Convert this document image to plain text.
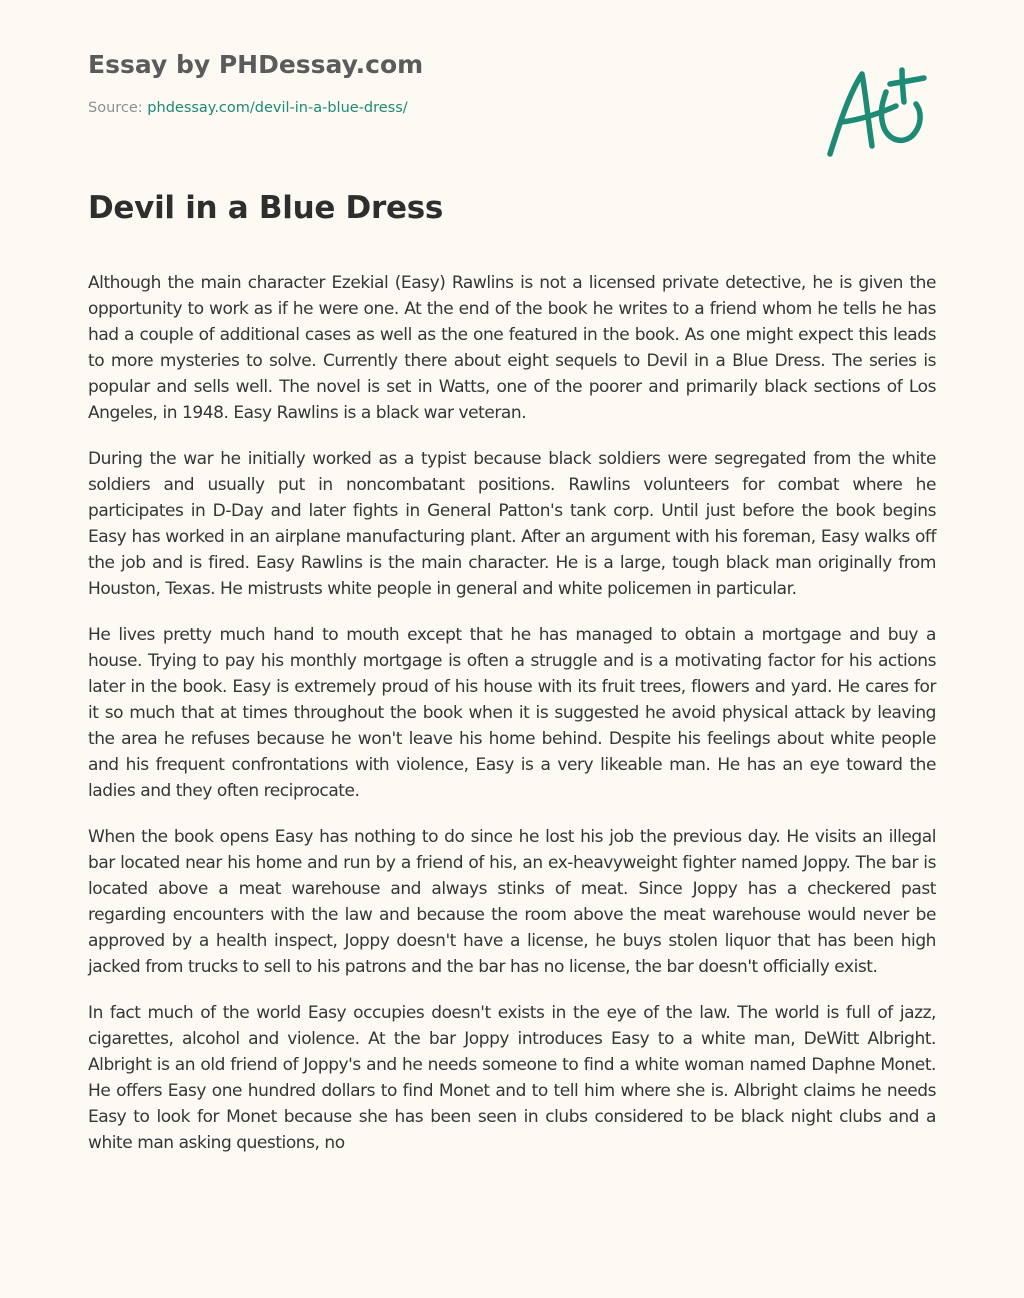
Essay by PHDessay.com

Source: phdessay.com/devil-in-a-blue-dress/

Devil in a Blue Dress

Although the main character Ezekial (Easy) Rawlins is not a licensed private detective, he is given the opportunity to work as if he were one. At the end of the book he writes to a friend whom he tells he has had a couple of additional cases as well as the one featured in the book. As one might expect this leads to more mysteries to solve. Currently there about eight sequels to Devil in a Blue Dress. The series is popular and sells well. The novel is set in Watts, one of the poorer and primarily black sections of Los Angeles, in 1948. Easy Rawlins is a black war veteran.

During the war he initially worked as a typist because black soldiers were segregated from the white soldiers and usually put in noncombatant positions. Rawlins volunteers for combat where he participates in D-Day and later fights in General Patton's tank corp. Until just before the book begins Easy has worked in an airplane manufacturing plant. After an argument with his foreman, Easy walks off the job and is fired. Easy Rawlins is the main character. He is a large, tough black man originally from Houston, Texas. He mistrusts white people in general and white policemen in particular.

He lives pretty much hand to mouth except that he has managed to obtain a mortgage and buy a house. Trying to pay his monthly mortgage is often a struggle and is a motivating factor for his actions later in the book. Easy is extremely proud of his house with its fruit trees, flowers and yard. He cares for it so much that at times throughout the book when it is suggested he avoid physical attack by leaving the area he refuses because he won't leave his home behind. Despite his feelings about white people and his frequent confrontations with violence, Easy is a very likeable man. He has an eye toward the ladies and they often reciprocate.

When the book opens Easy has nothing to do since he lost his job the previous day. He visits an illegal bar located near his home and run by a friend of his, an ex-heavyweight fighter named Joppy. The bar is located above a meat warehouse and always stinks of meat. Since Joppy has a checkered past regarding encounters with the law and because the room above the meat warehouse would never be approved by a health inspect, Joppy doesn't have a license, he buys stolen liquor that has been high jacked from trucks to sell to his patrons and the bar has no license, the bar doesn't officially exist.

In fact much of the world Easy occupies doesn't exists in the eye of the law. The world is full of jazz, cigarettes, alcohol and violence. At the bar Joppy introduces Easy to a white man, DeWitt Albright. Albright is an old friend of Joppy's and he needs someone to find a white woman named Daphne Monet. He offers Easy one hundred dollars to find Monet and to tell him where she is. Albright claims he needs Easy to look for Monet because she has been seen in clubs considered to be black night clubs and a white man asking questions, no
